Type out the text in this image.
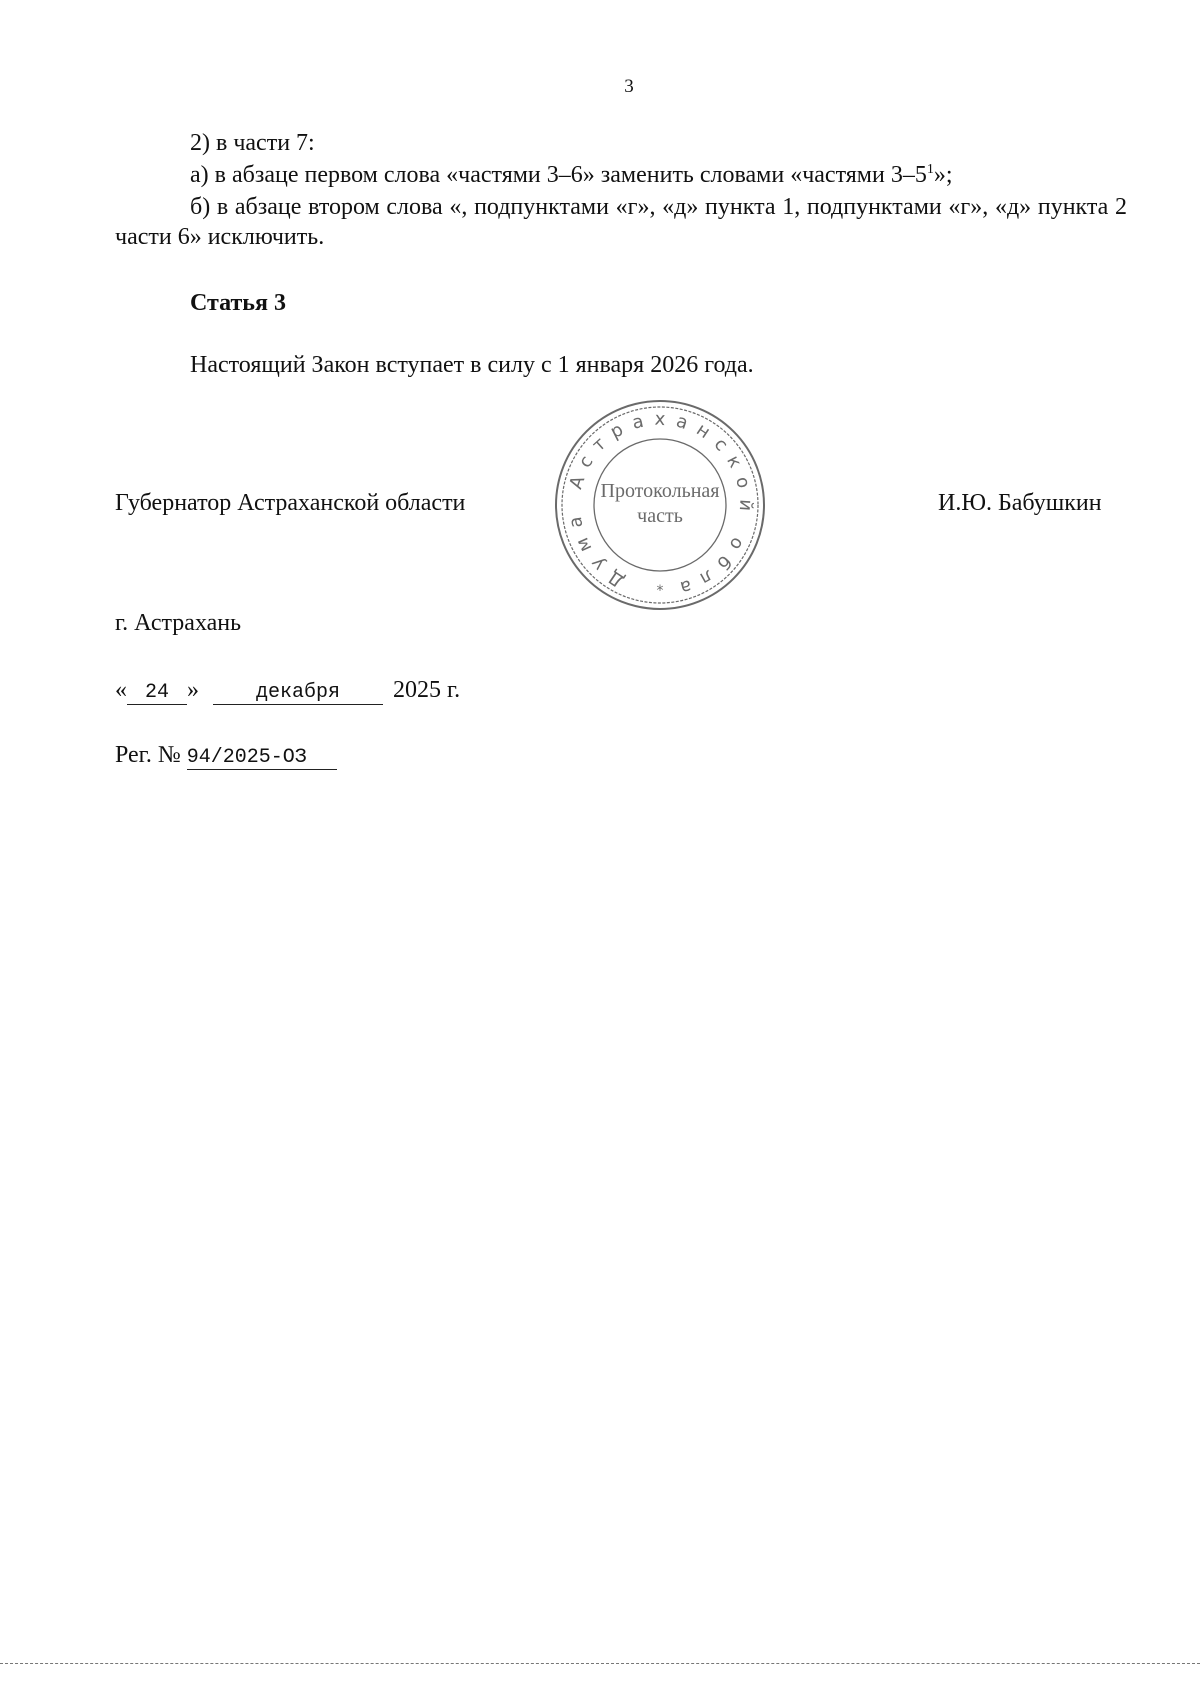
3

2) в части 7:

а) в абзаце первом слова «частями 3–6» заменить словами «частями $3-5^1$»;

б) в абзаце втором слова «, подпунктами «г», «д» пункта 1, подпунктами «г», «д» пункта 2 части 6» исключить.

Статья 3

Настоящий Закон вступает в силу с 1 января 2026 года.

Губернатор Астраханской области	И.Ю. Бабушкин
Дума Астраханской обла
Протокольная
часть
*

г. Астрахань

« 24 »	декабря 2025 г.
Рег. № 94/2025-ОЗ
